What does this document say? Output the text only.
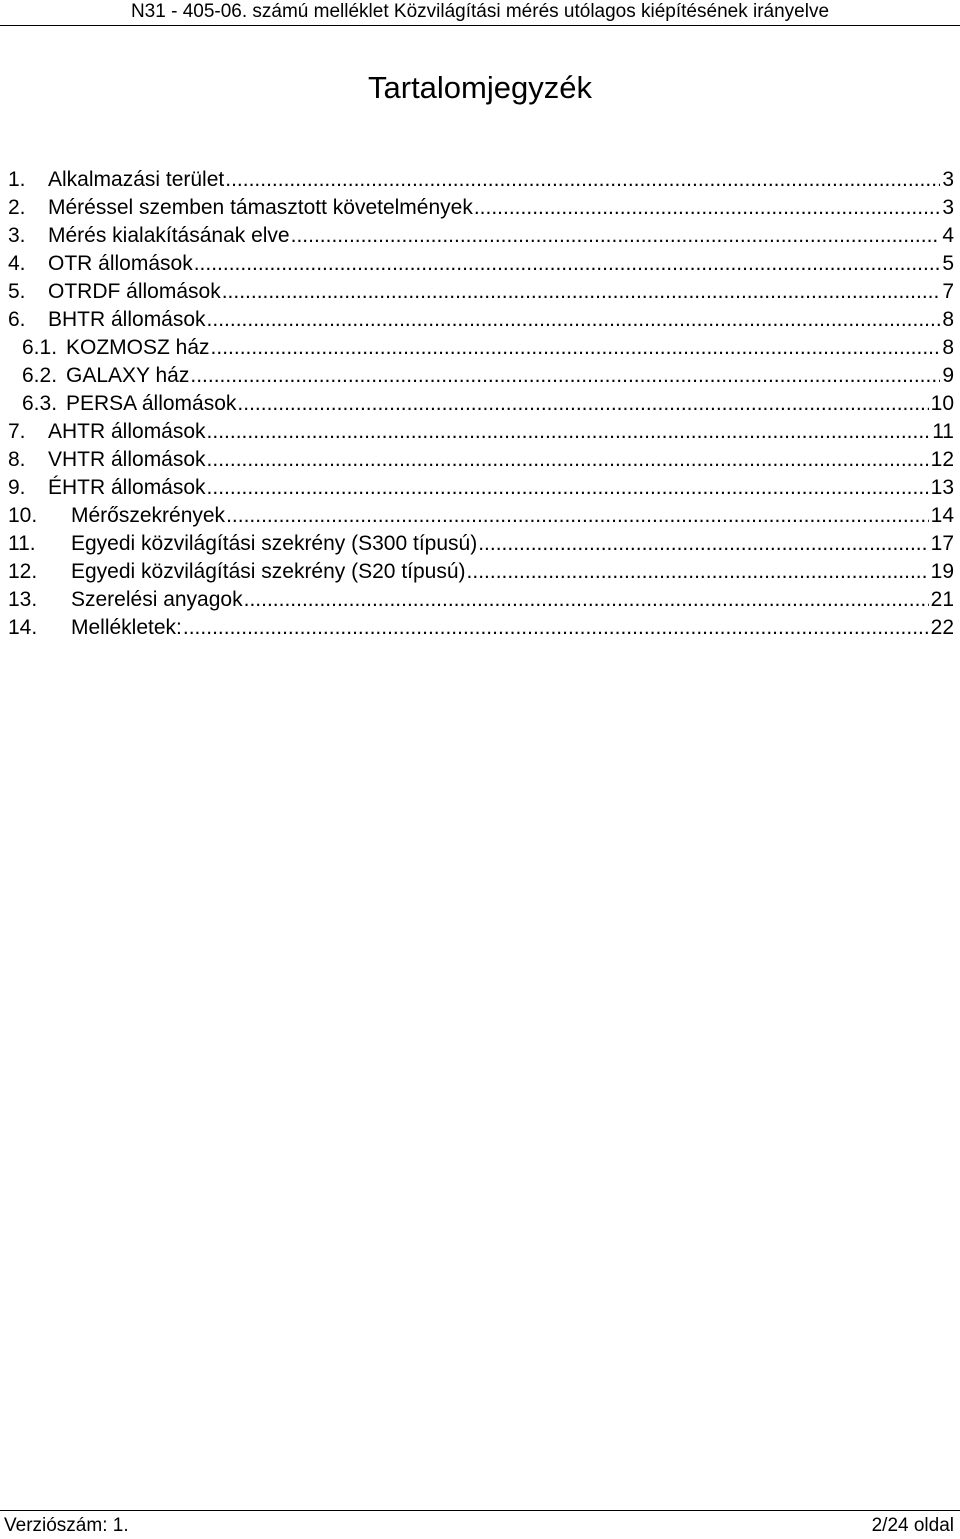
N31 - 405-06. számú melléklet Közvilágítási mérés utólagos kiépítésének irányelve
Tartalomjegyzék
1.	Alkalmazási terület .....	3
2.	Méréssel szemben támasztott követelmények .....	3
3.	Mérés kialakításának elve .....	4
4.	OTR állomások .....	5
5.	OTRDF állomások .....	7
6.	BHTR állomások .....	8
6.1. KOZMOSZ ház .....	8
6.2. GALAXY ház .....	9
6.3. PERSA állomások .....	10
7.	AHTR állomások .....	11
8.	VHTR állomások .....	12
9.	ÉHTR állomások .....	13
10.	Mérőszekrények .....	14
11.	Egyedi közvilágítási szekrény (S300 típusú) .....	17
12.	Egyedi közvilágítási szekrény (S20 típusú) .....	19
13.	Szerelési anyagok .....	21
14.	Mellékletek: .....	22
Verziószám: 1.	2/24 oldal
